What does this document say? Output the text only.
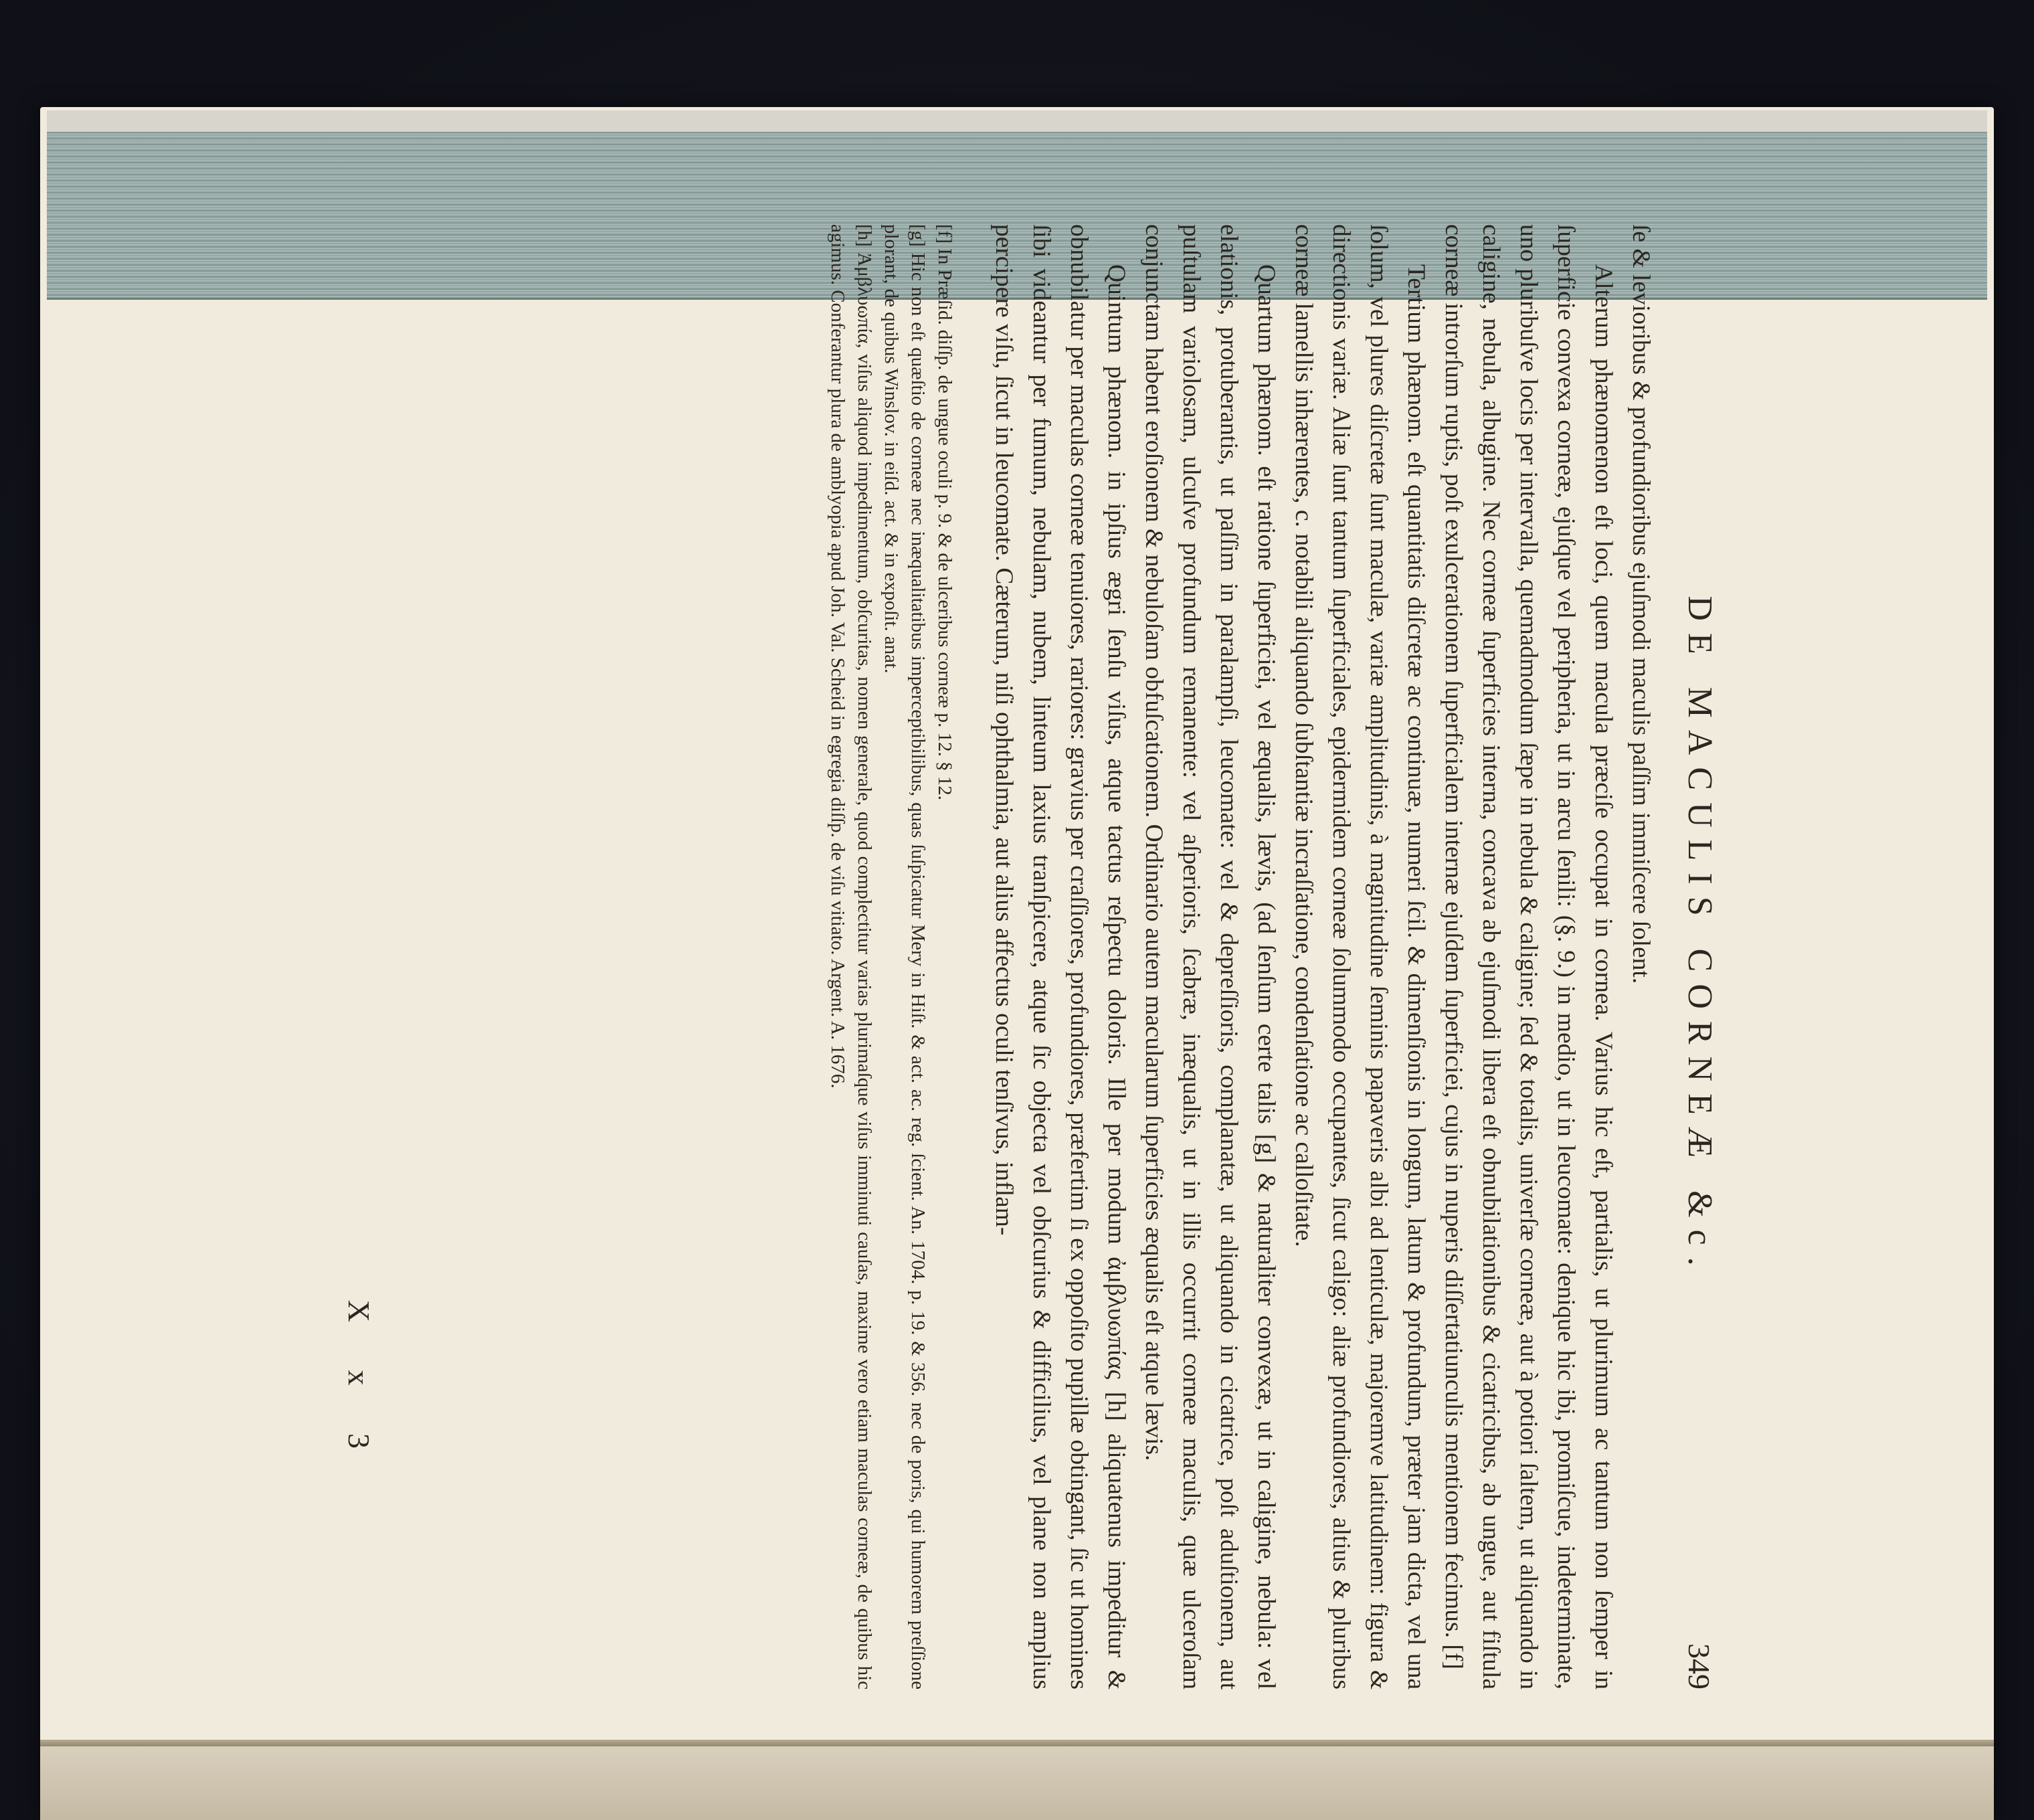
DE MACULIS CORNEÆ &c.
349

ſe & levioribus & profundioribus ejuſmodi maculis paſſim immiſcere ſolent.

Alterum phænomenon eſt loci, quem macula præciſe occupat in cornea. Varius hic eſt, partialis, ut plurimum ac tantum non ſemper in ſuperficie convexa corneæ, ejuſque vel peripheria, ut in arcu ſenili: (§. 9.) in medio, ut in leucomate: denique hic ibi, promiſcue, indeterminate, uno pluribuſve locis per intervalla, quemadmodum ſæpe in nebula & caligine; ſed & totalis, univerſæ corneæ, aut à potiori ſaltem, ut aliquando in caligine, nebula, albugine. Nec corneæ ſuperficies interna, concava ab ejuſmodi libera eſt obnubilationibus & cicatricibus, ab ungue, aut fiſtula corneæ introrſum ruptis, poſt exulcerationem ſuperficialem internæ ejuſdem ſuperficiei, cujus in nuperis diſſertatiunculis mentionem fecimus. [f]

Tertium phænom. eſt quantitatis diſcretæ ac continuæ, numeri ſcil. & dimenſionis in longum, latum & profundum, præter jam dicta, vel una ſolum, vel plures diſcretæ ſunt maculæ, variæ amplitudinis, à magnitudine ſeminis papaveris albi ad lenticulæ, majoremve latitudinem: figura & directionis variæ. Aliæ ſunt tantum ſuperficiales, epidermidem corneæ ſolummodo occupantes, ſicut caligo: aliæ profundiores, altius & pluribus corneæ lamellis inhærentes, c. notabili aliquando ſubſtantiæ incraſſatione, condenſatione ac calloſitate.

Quartum phænom. eſt ratione ſuperficiei, vel æqualis, lævis, (ad ſenſum certe talis [g] & naturaliter convexæ, ut in caligine, nebula: vel elationis, protuberantis, ut paſſim in paralampſi, leucomate: vel & depreſſioris, complanatæ, ut aliquando in cicatrice, poſt aduſtionem, aut puſtulam variolosam, ulcuſve profundum remanente: vel aſperioris, ſcabræ, inæqualis, ut in illis occurrit corneæ maculis, quæ ulceroſam conjunctam habent eroſionem & nebuloſam obfuſcationem. Ordinario autem macularum ſuperficies æqualis eſt atque lævis.

Quintum phænom. in ipſius ægri ſenſu viſus, atque tactus reſpectu doloris. Ille per modum ἀμβλυωπίας [h] aliquatenus impeditur & obnubilatur per maculas corneæ tenuiores, rariores: gravius per craſſiores, profundiores, præfertim ſi ex oppoſito pupillæ obtingant, ſic ut homines ſibi videantur per fumum, nebulam, nubem, linteum laxius tranſpicere, atque ſic objecta vel obſcurius & difficilius, vel plane non amplius percipere viſu, ſicut in leucomate. Cæterum, niſi ophthalmia, aut alius affectus oculi tenſivus, inflam-

[f] In Præſid. diſſp. de ungue oculi p. 9. & de ulceribus corneæ p. 12. § 12.

[g] Hic non eſt quæſtio de corneæ nec inæqualitatibus imperceptibilibus, quas ſuſpicatur Mery in Hiſt. & act. ac. reg. ſcient. An. 1704. p. 19. & 356. nec de poris, qui humorem preſſione plorant, de quibus Winslov. in eiſd. act. & in expoſit. anat.

[h] Ἀμβλυωπία, viſus aliquod impedimentum, obſcuritas, nomen generale, quod complectitur varias plurimaſque viſus imminuti cauſas, maxime vero etiam maculas corneæ, de quibus hic agimus. Conferantur plura de amblyopia apud Joh. Val. Scheid in egregia diſſp. de viſu vitiato. Argent. A. 1676.

X x 3
